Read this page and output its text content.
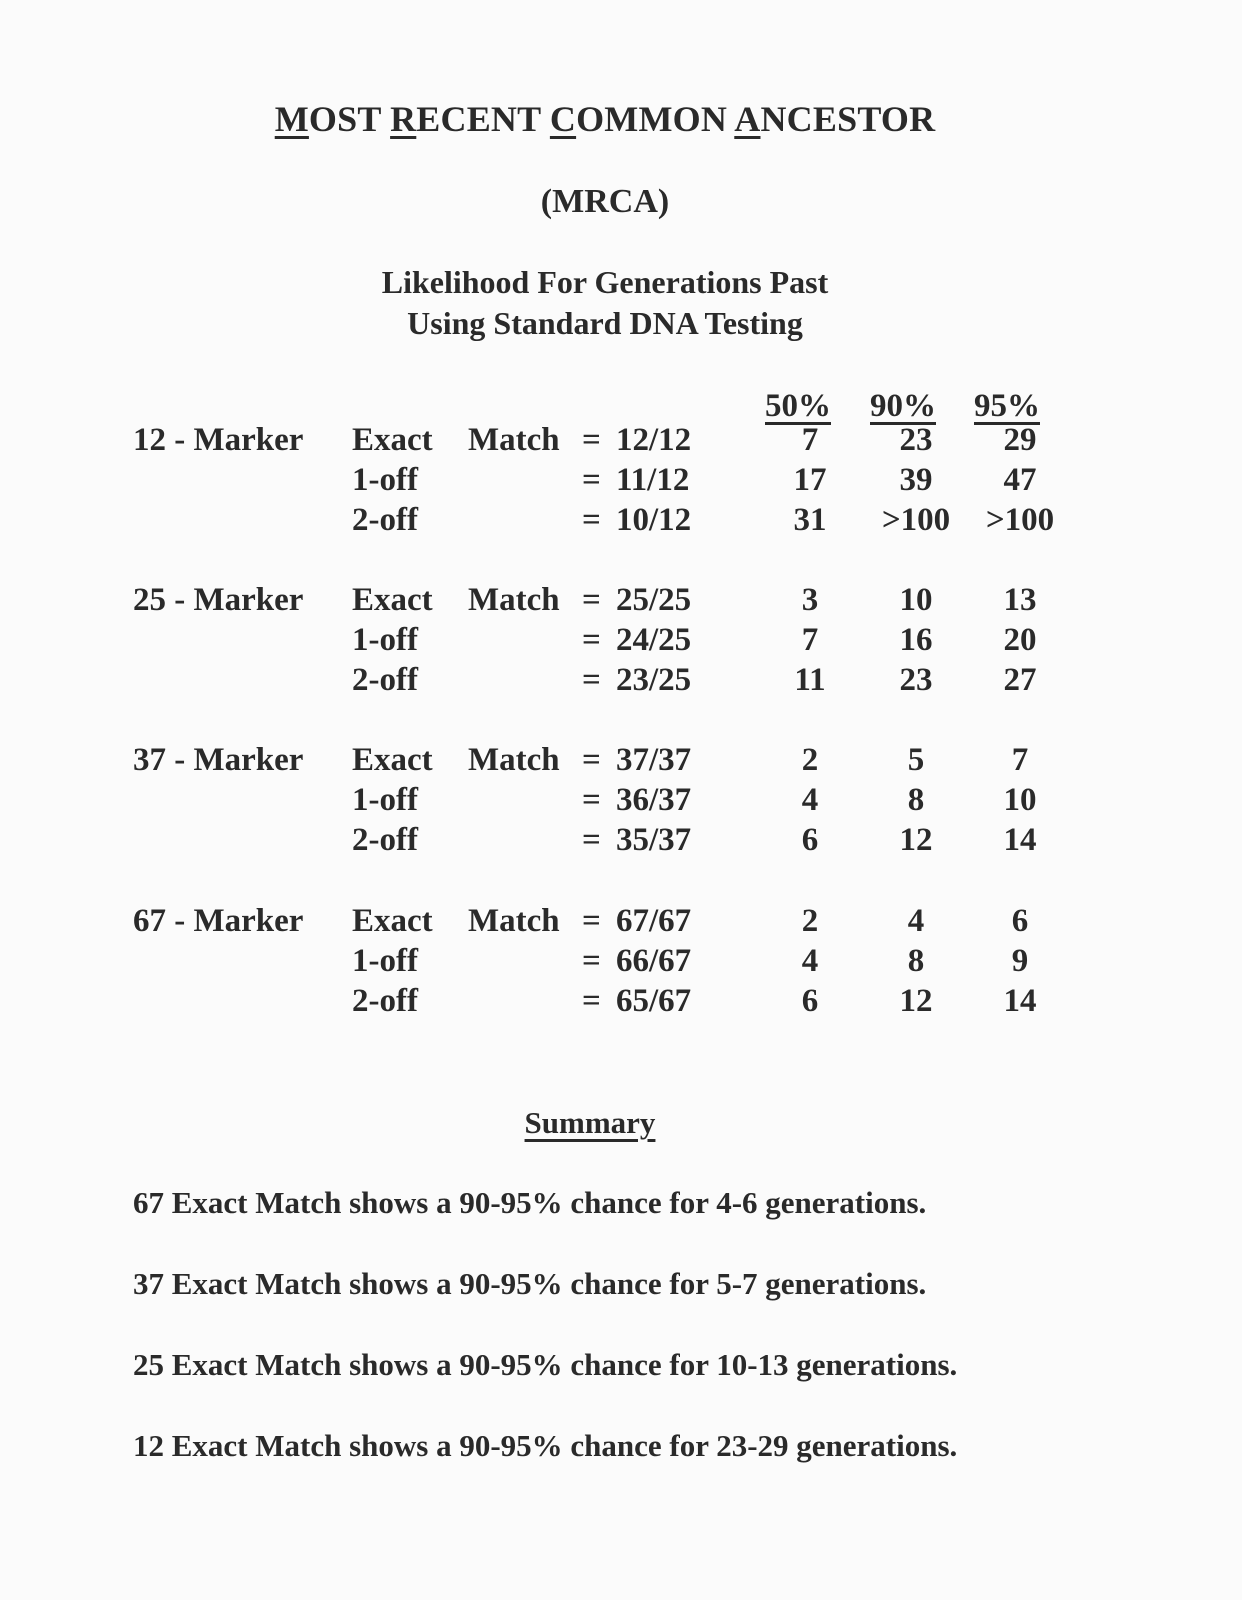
MOST RECENT COMMON ANCESTOR
(MRCA)
Likelihood For Generations Past
Using Standard DNA Testing
50%	90%	95%
12 - Marker Exact Match = 12/12	7	23	29
1-off	= 11/12	17	39	47
2-off	= 10/12	31	>100	>100
25 - Marker Exact Match = 25/25	3	10	13
1-off	= 24/25	7	16	20
2-off	= 23/25	11	23	27
37 - Marker Exact Match = 37/37	2	5	7
1-off	= 36/37	4	8	10
2-off	= 35/37	6	12	14
67 - Marker Exact Match = 67/67	2	4	6
1-off	= 66/67	4	8	9
2-off	= 65/67	6	12	14
Summary
67 Exact Match shows a 90-95% chance for 4-6 generations.
37 Exact Match shows a 90-95% chance for 5-7 generations.
25 Exact Match shows a 90-95% chance for 10-13 generations.
12 Exact Match shows a 90-95% chance for 23-29 generations.
